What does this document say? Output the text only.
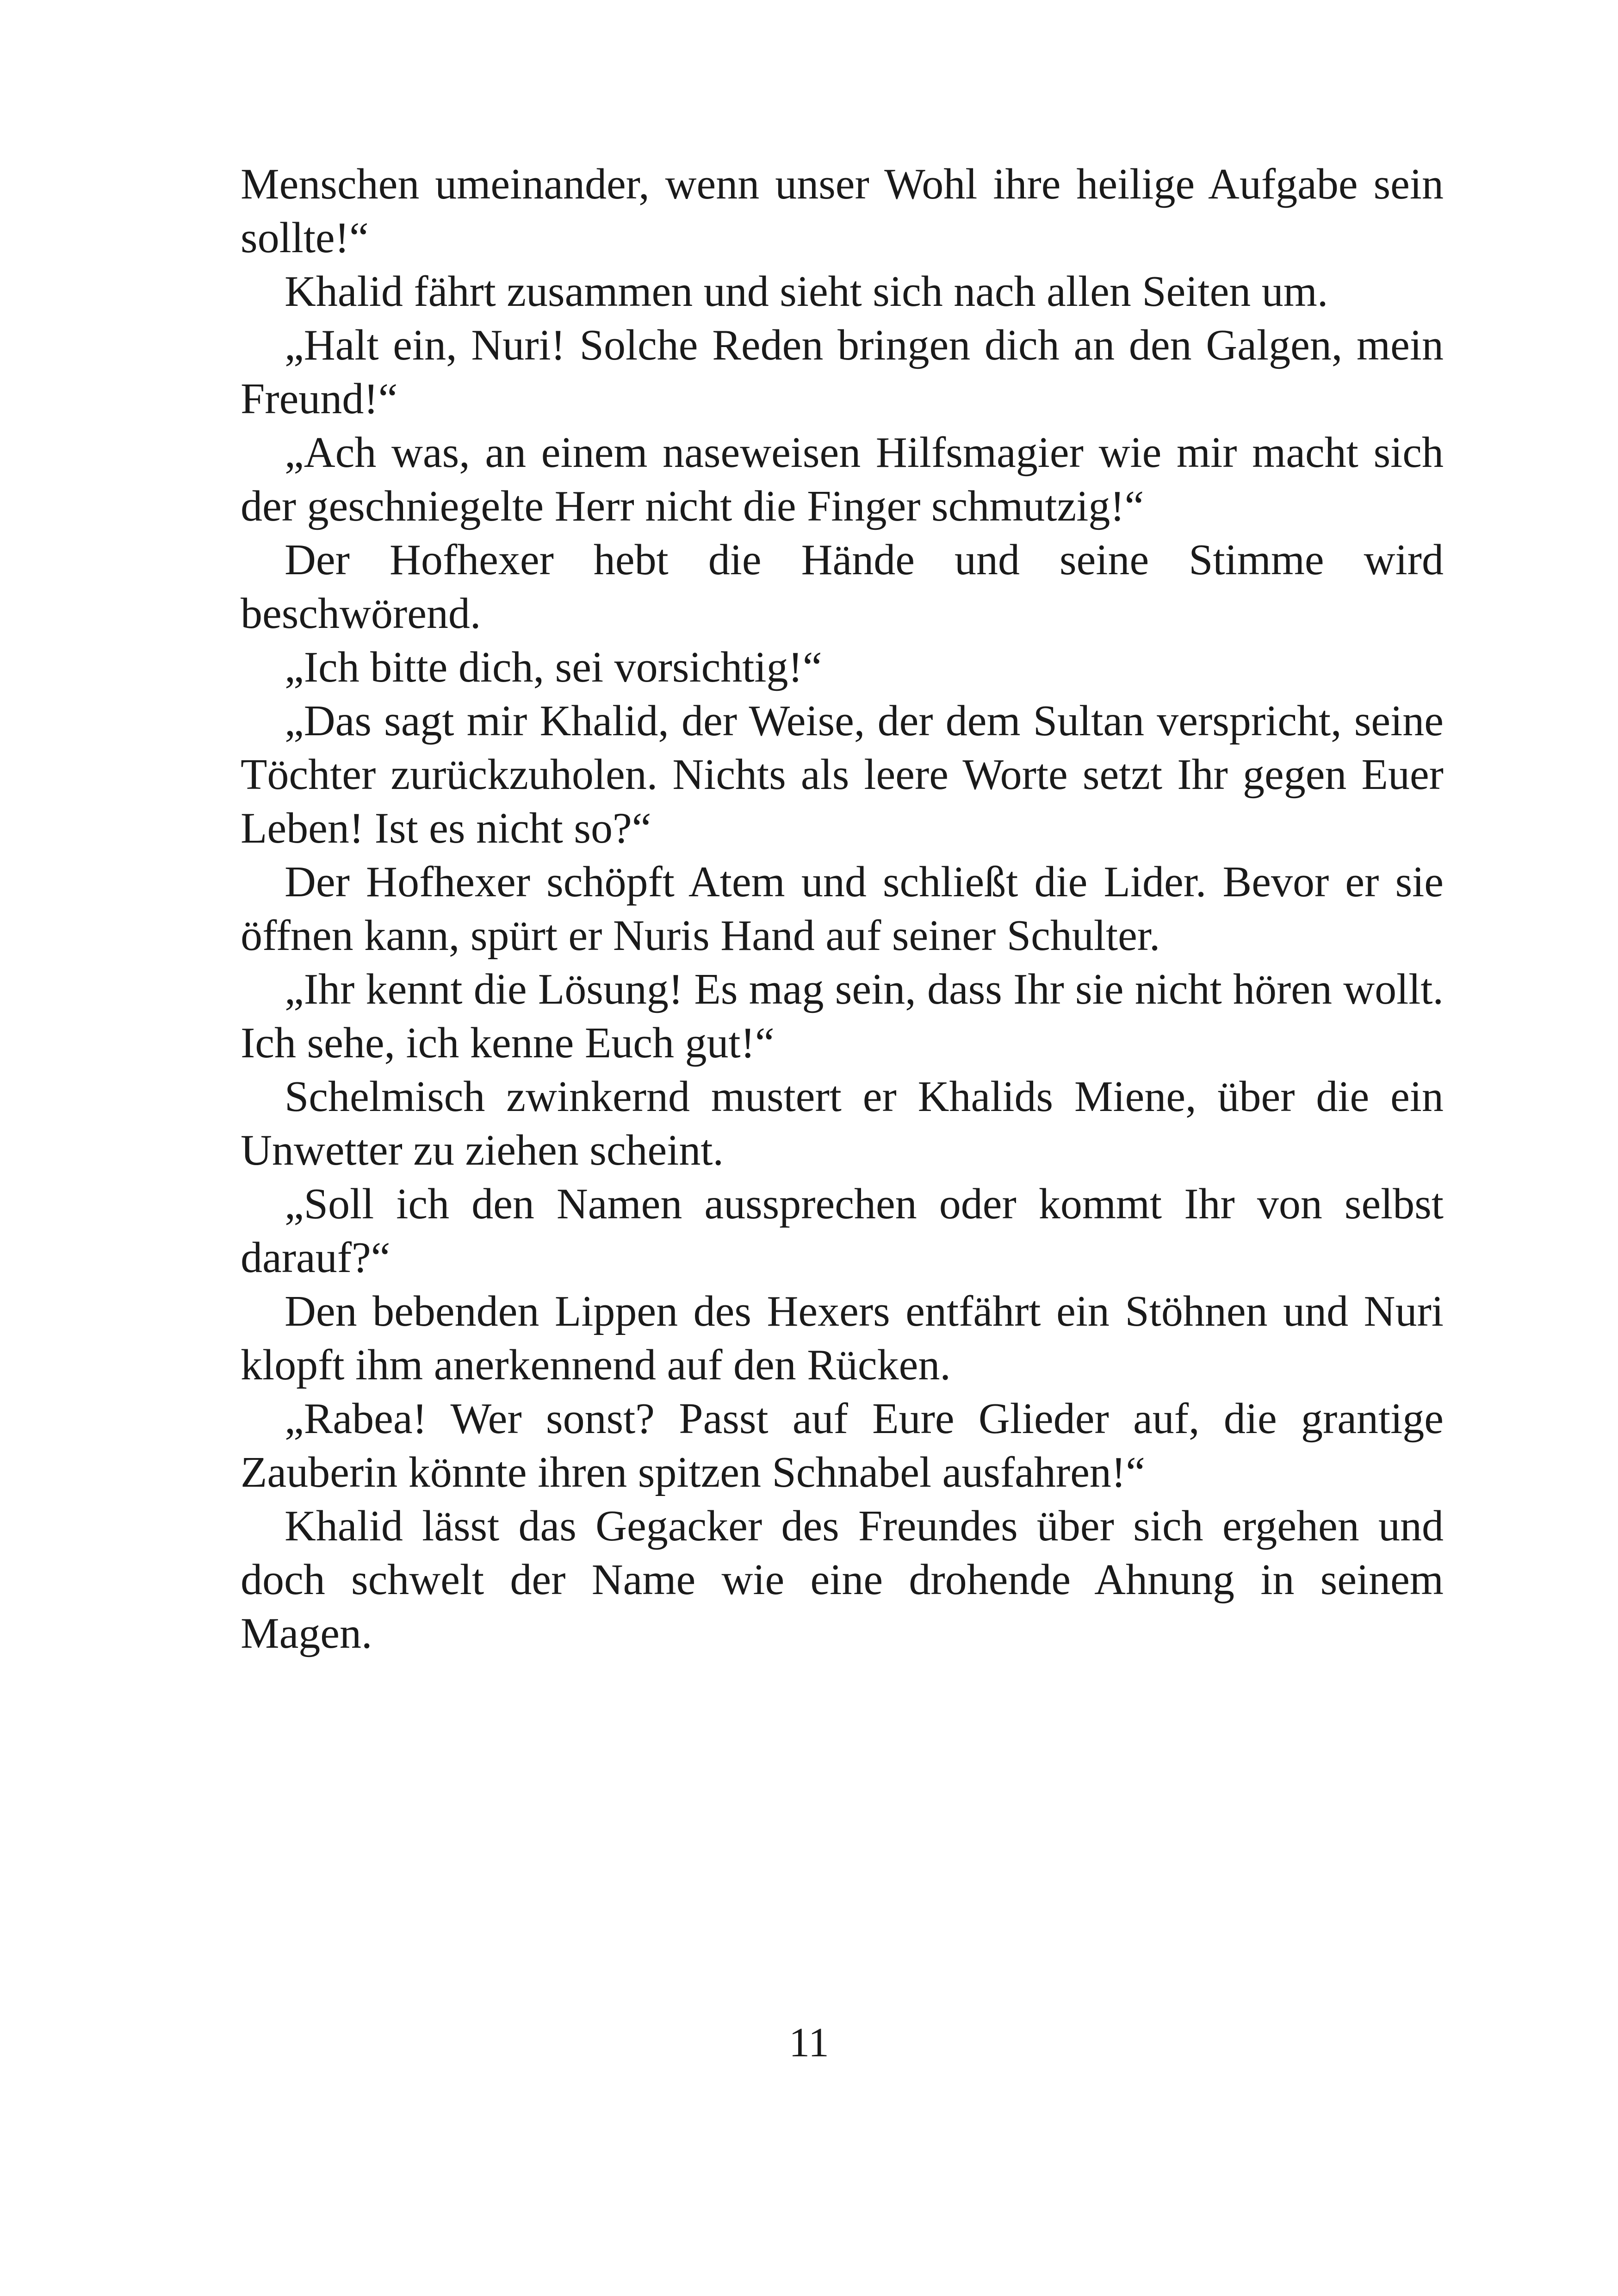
Menschen umeinander, wenn unser Wohl ihre heilige Aufgabe sein sollte!“

Khalid fährt zusammen und sieht sich nach allen Seiten um.

„Halt ein, Nuri! Solche Reden bringen dich an den Galgen, mein Freund!“

„Ach was, an einem naseweisen Hilfsmagier wie mir macht sich der geschniegelte Herr nicht die Finger schmutzig!“

Der Hofhexer hebt die Hände und seine Stimme wird beschwörend.

„Ich bitte dich, sei vorsichtig!“

„Das sagt mir Khalid, der Weise, der dem Sultan verspricht, seine Töchter zurückzuholen. Nichts als leere Worte setzt Ihr gegen Euer Leben! Ist es nicht so?“

Der Hofhexer schöpft Atem und schließt die Lider. Bevor er sie öffnen kann, spürt er Nuris Hand auf seiner Schulter.

„Ihr kennt die Lösung! Es mag sein, dass Ihr sie nicht hören wollt. Ich sehe, ich kenne Euch gut!“

Schelmisch zwinkernd mustert er Khalids Miene, über die ein Unwetter zu ziehen scheint.

„Soll ich den Namen aussprechen oder kommt Ihr von selbst darauf?“

Den bebenden Lippen des Hexers entfährt ein Stöhnen und Nuri klopft ihm anerkennend auf den Rücken.

„Rabea! Wer sonst? Passt auf Eure Glieder auf, die grantige Zauberin könnte ihren spitzen Schnabel ausfahren!“

Khalid lässt das Gegacker des Freundes über sich ergehen und doch schwelt der Name wie eine drohende Ahnung in seinem Magen.

11
